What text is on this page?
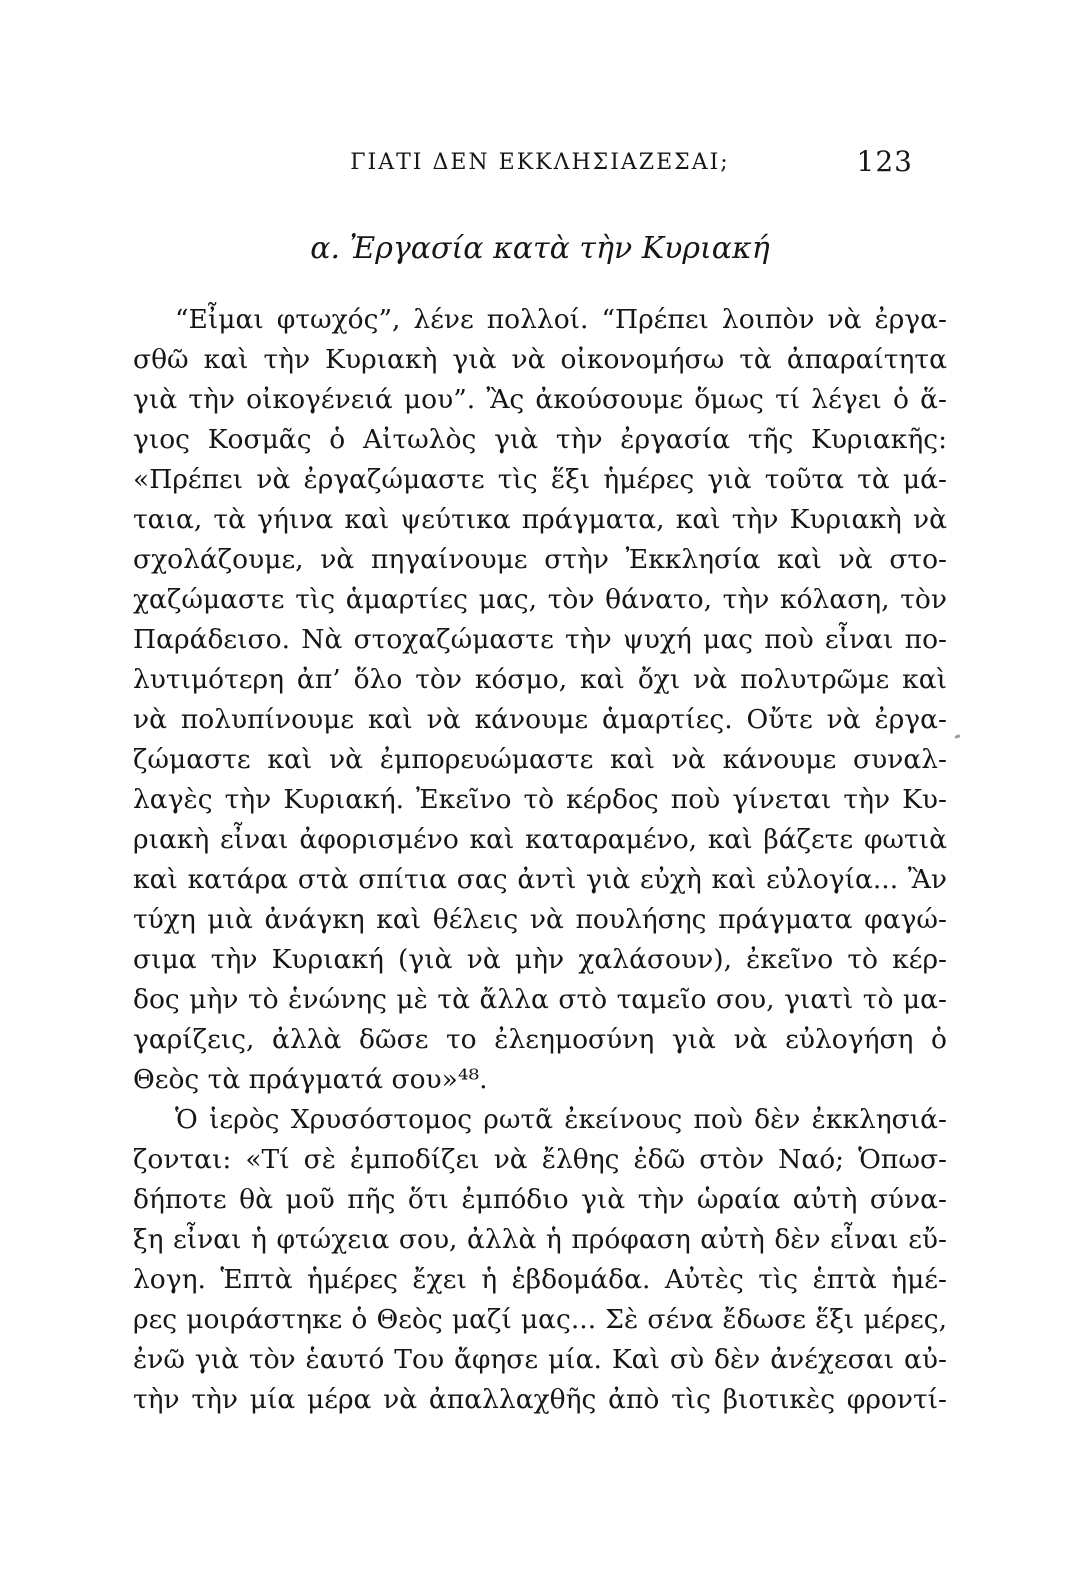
ΓΙΑΤΙ ΔΕΝ ΕΚΚΛΗΣΙΑΖΕΣΑΙ;	123
α. Ἐργασία κατὰ τὴν Κυριακή
“Εἶμαι φτωχός”, λένε πολλοί. “Πρέπει λοιπὸν νὰ ἐργα-
σθῶ καὶ τὴν Κυριακὴ γιὰ νὰ οἰκονομήσω τὰ ἀπαραίτητα
γιὰ τὴν οἰκογένειά μου”. Ἂς ἀκούσουμε ὅμως τί λέγει ὁ ἅ-
γιος Κοσμᾶς ὁ Αἰτωλὸς γιὰ τὴν ἐργασία τῆς Κυριακῆς:
«Πρέπει νὰ ἐργαζώμαστε τὶς ἕξι ἡμέρες γιὰ τοῦτα τὰ μά-
ταια, τὰ γήινα καὶ ψεύτικα πράγματα, καὶ τὴν Κυριακὴ νὰ
σχολάζουμε, νὰ πηγαίνουμε στὴν Ἐκκλησία καὶ νὰ στο-
χαζώμαστε τὶς ἁμαρτίες μας, τὸν θάνατο, τὴν κόλαση, τὸν
Παράδεισο. Νὰ στοχαζώμαστε τὴν ψυχή μας ποὺ εἶναι πο-
λυτιμότερη ἀπ’ ὅλο τὸν κόσμο, καὶ ὄχι νὰ πολυτρῶμε καὶ
νὰ πολυπίνουμε καὶ νὰ κάνουμε ἁμαρτίες. Οὔτε νὰ ἐργα-
ζώμαστε καὶ νὰ ἐμπορευώμαστε καὶ νὰ κάνουμε συναλ-
λαγὲς τὴν Κυριακή. Ἐκεῖνο τὸ κέρδος ποὺ γίνεται τὴν Κυ-
ριακὴ εἶναι ἀφορισμένο καὶ καταραμένο, καὶ βάζετε φωτιὰ
καὶ κατάρα στὰ σπίτια σας ἀντὶ γιὰ εὐχὴ καὶ εὐλογία... Ἂν
τύχη μιὰ ἀνάγκη καὶ θέλεις νὰ πουλήσης πράγματα φαγώ-
σιμα τὴν Κυριακή (γιὰ νὰ μὴν χαλάσουν), ἐκεῖνο τὸ κέρ-
δος μὴν τὸ ἑνώνης μὲ τὰ ἄλλα στὸ ταμεῖο σου, γιατὶ τὸ μα-
γαρίζεις, ἀλλὰ δῶσε το ἐλεημοσύνη γιὰ νὰ εὐλογήση ὁ
Θεὸς τὰ πράγματά σου»⁴⁸.
Ὁ ἱερὸς Χρυσόστομος ρωτᾶ ἐκείνους ποὺ δὲν ἐκκλησιά-
ζονται: «Τί σὲ ἐμποδίζει νὰ ἔλθης ἐδῶ στὸν Ναό; Ὁπωσ-
δήποτε θὰ μοῦ πῆς ὅτι ἐμπόδιο γιὰ τὴν ὡραία αὐτὴ σύνα-
ξη εἶναι ἡ φτώχεια σου, ἀλλὰ ἡ πρόφαση αὐτὴ δὲν εἶναι εὔ-
λογη. Ἑπτὰ ἡμέρες ἔχει ἡ ἑβδομάδα. Αὐτὲς τὶς ἑπτὰ ἡμέ-
ρες μοιράστηκε ὁ Θεὸς μαζί μας... Σὲ σένα ἔδωσε ἕξι μέρες,
ἐνῶ γιὰ τὸν ἑαυτό Του ἄφησε μία. Καὶ σὺ δὲν ἀνέχεσαι αὐ-
τὴν τὴν μία μέρα νὰ ἀπαλλαχθῆς ἀπὸ τὶς βιοτικὲς φροντί-
